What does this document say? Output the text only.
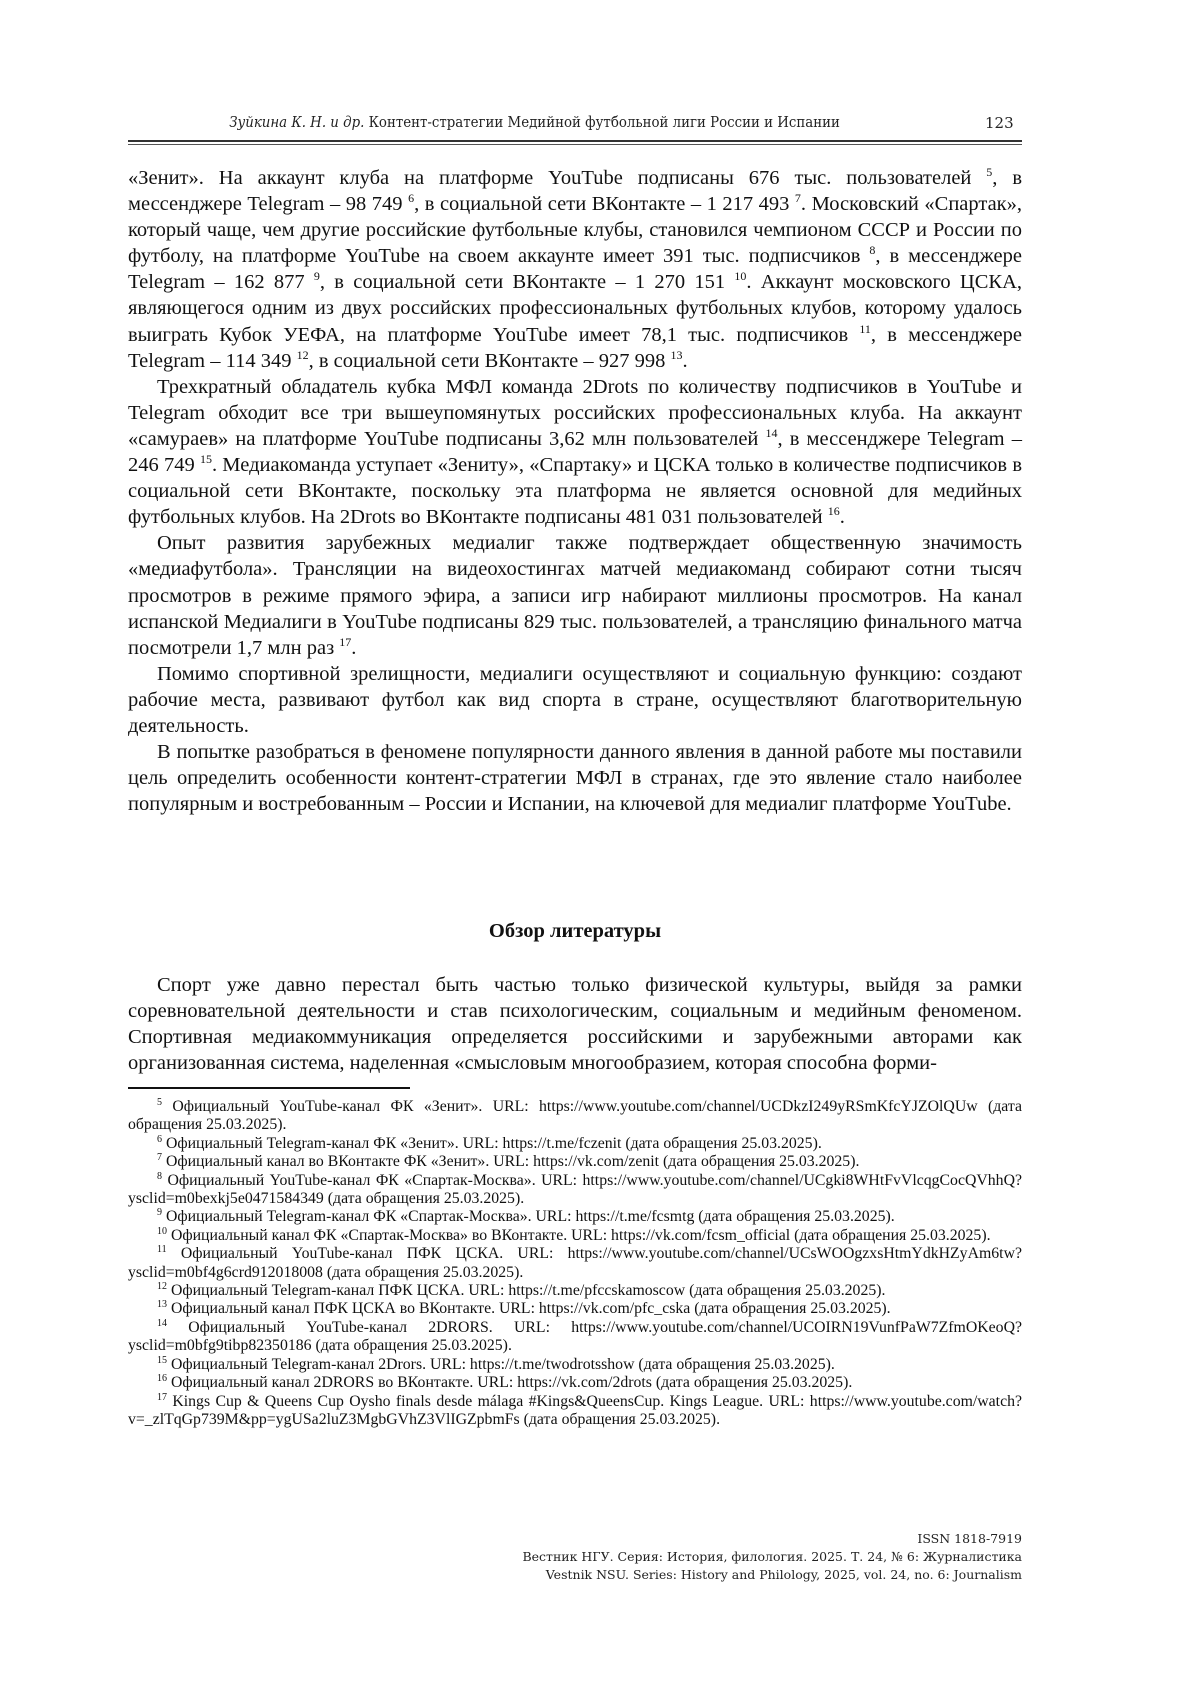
Зуйкина К. Н. и др. Контент-стратегии Медийной футбольной лиги России и Испании	123

«Зенит». На аккаунт клуба на платформе YouTube подписаны 676 тыс. пользователей $^5$, в мессенджере Telegram – 98 749 $^6$, в социальной сети ВКонтакте – 1 217 493 $^7$. Московский «Спартак», который чаще, чем другие российские футбольные клубы, становился чемпионом СССР и России по футболу, на платформе YouTube на своем аккаунте имеет 391 тыс. подписчиков $^8$, в мессенджере Telegram – 162 877 $^9$, в социальной сети ВКонтакте – 1 270 151 $^{10}$. Аккаунт московского ЦСКА, являющегося одним из двух российских профессиональных футбольных клубов, которому удалось выиграть Кубок УЕФА, на платформе YouTube имеет 78,1 тыс. подписчиков $^{11}$, в мессенджере Telegram – 114 349 $^{12}$, в социальной сети ВКонтакте – 927 998 $^{13}$.

Трехкратный обладатель кубка МФЛ команда 2Drots по количеству подписчиков в YouTube и Telegram обходит все три вышеупомянутых российских профессиональных клуба. На аккаунт «самураев» на платформе YouTube подписаны 3,62 млн пользователей $^{14}$, в мессенджере Telegram – 246 749 $^{15}$. Медиакоманда уступает «Зениту», «Спартаку» и ЦСКА только в количестве подписчиков в социальной сети ВКонтакте, поскольку эта платформа не является основной для медийных футбольных клубов. На 2Drots во ВКонтакте подписаны 481 031 пользователей $^{16}$.

Опыт развития зарубежных медиалиг также подтверждает общественную значимость «медиафутбола». Трансляции на видеохостингах матчей медиакоманд собирают сотни тысяч просмотров в режиме прямого эфира, а записи игр набирают миллионы просмотров. На канал испанской Медиалиги в YouTube подписаны 829 тыс. пользователей, а трансляцию финального матча посмотрели 1,7 млн раз $^{17}$.

Помимо спортивной зрелищности, медиалиги осуществляют и социальную функцию: создают рабочие места, развивают футбол как вид спорта в стране, осуществляют благотворительную деятельность.

В попытке разобраться в феномене популярности данного явления в данной работе мы поставили цель определить особенности контент-стратегии МФЛ в странах, где это явление стало наиболее популярным и востребованным – России и Испании, на ключевой для медиалиг платформе YouTube.

Обзор литературы

Спорт уже давно перестал быть частью только физической культуры, выйдя за рамки соревновательной деятельности и став психологическим, социальным и медийным феноменом. Спортивная медиакоммуникация определяется российскими и зарубежными авторами как организованная система, наделенная «смысловым многообразием, которая способна форми-

$^5$ Официальный YouTube-канал ФК «Зенит». URL: https://www.youtube.com/channel/UCDkzI249yRSmKfcYJZOlQUw (дата обращения 25.03.2025).

$^6$ Официальный Telegram-канал ФК «Зенит». URL: https://t.me/fczenit (дата обращения 25.03.2025).

$^7$ Официальный канал во ВКонтакте ФК «Зенит». URL: https://vk.com/zenit (дата обращения 25.03.2025).

$^8$ Официальный YouTube-канал ФК «Спартак-Москва». URL: https://www.youtube.com/channel/UCgki8WHtFvVlcqgCocQVhhQ?ysclid=m0bexkj5e0471584349 (дата обращения 25.03.2025).

$^9$ Официальный Telegram-канал ФК «Спартак-Москва». URL: https://t.me/fcsmtg (дата обращения 25.03.2025).

$^{10}$ Официальный канал ФК «Спартак-Москва» во ВКонтакте. URL: https://vk.com/fcsm_official (дата обращения 25.03.2025).

$^{11}$ Официальный YouTube-канал ПФК ЦСКА. URL: https://www.youtube.com/channel/UCsWOOgzxsHtmYdkHZyAm6tw?ysclid=m0bf4g6crd912018008 (дата обращения 25.03.2025).

$^{12}$ Официальный Telegram-канал ПФК ЦСКА. URL: https://t.me/pfccskamoscow (дата обращения 25.03.2025).

$^{13}$ Официальный канал ПФК ЦСКА во ВКонтакте. URL: https://vk.com/pfc_cska (дата обращения 25.03.2025).

$^{14}$ Официальный YouTube-канал 2DRORS. URL: https://www.youtube.com/channel/UCOIRN19VunfPaW7ZfmOKeoQ?ysclid=m0bfg9tibp82350186 (дата обращения 25.03.2025).

$^{15}$ Официальный Telegram-канал 2Drors. URL: https://t.me/twodrotsshow (дата обращения 25.03.2025).

$^{16}$ Официальный канал 2DRORS во ВКонтакте. URL: https://vk.com/2drots (дата обращения 25.03.2025).

$^{17}$ Kings Cup & Queens Cup Oysho finals desde málaga #Kings&QueensCup. Kings League. URL: https://www.youtube.com/watch?v=_zlTqGp739M&pp=ygUSa2luZ3MgbGVhZ3VlIGZpbmFs (дата обращения 25.03.2025).

ISSN 1818-7919
Вестник НГУ. Серия: История, филология. 2025. Т. 24, № 6: Журналистика
Vestnik NSU. Series: History and Philology, 2025, vol. 24, no. 6: Journalism
